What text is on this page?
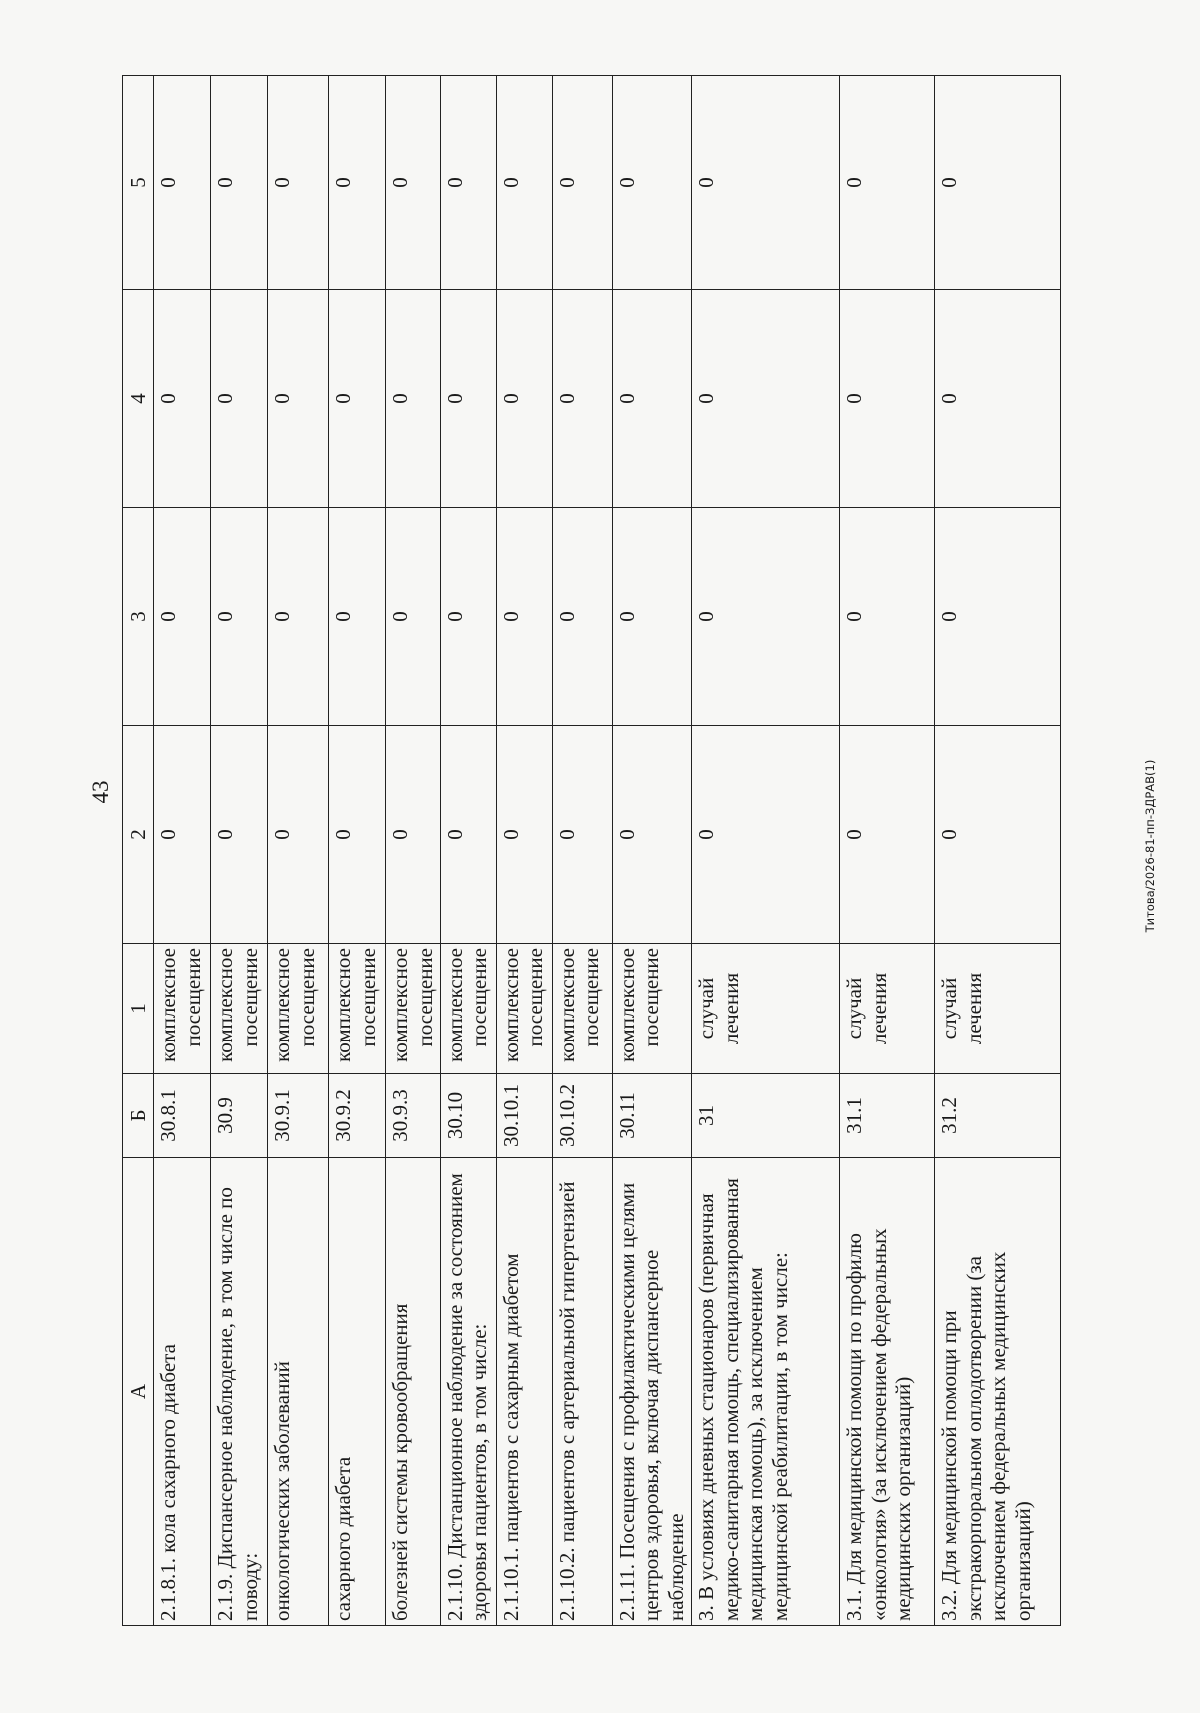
43
А	Б	1	2	3	4	5
2.1.8.1. кола сахарного диабета	30.8.1	комплексное посещение	0	0	0	0
2.1.9. Диспансерное наблюдение, в том числе по поводу:	30.9	комплексное посещение	0	0	0	0
онкологических заболеваний	30.9.1	комплексное посещение	0	0	0	0
сахарного диабета	30.9.2	комплексное посещение	0	0	0	0
болезней системы кровообращения	30.9.3	комплексное посещение	0	0	0	0
2.1.10. Дистанционное наблюдение за состоянием здоровья пациентов, в том числе:	30.10	комплексное посещение	0	0	0	0
2.1.10.1. пациентов с сахарным диабетом	30.10.1	комплексное посещение	0	0	0	0
2.1.10.2. пациентов с артериальной гипертензией	30.10.2	комплексное посещение	0	0	0	0
2.1.11. Посещения с профилактическими целями центров здоровья, включая диспансерное наблюдение	30.11	комплексное посещение	0	0	0	0
3. В условиях дневных стационаров (первичная медико-санитарная помощь, специализированная медицинская помощь), за исключением медицинской реабилитации, в том числе:	31	случай лечения	0	0	0	0
3.1. Для медицинской помощи по профилю «онкология» (за исключением федеральных медицинских организаций)	31.1	случай лечения	0	0	0	0
3.2. Для медицинской помощи при экстракорпоральном оплодотворении (за исключением федеральных медицинских организаций)	31.2	случай лечения	0	0	0	0
Титова/2026-81-пп-ЗДРАВ(1)
